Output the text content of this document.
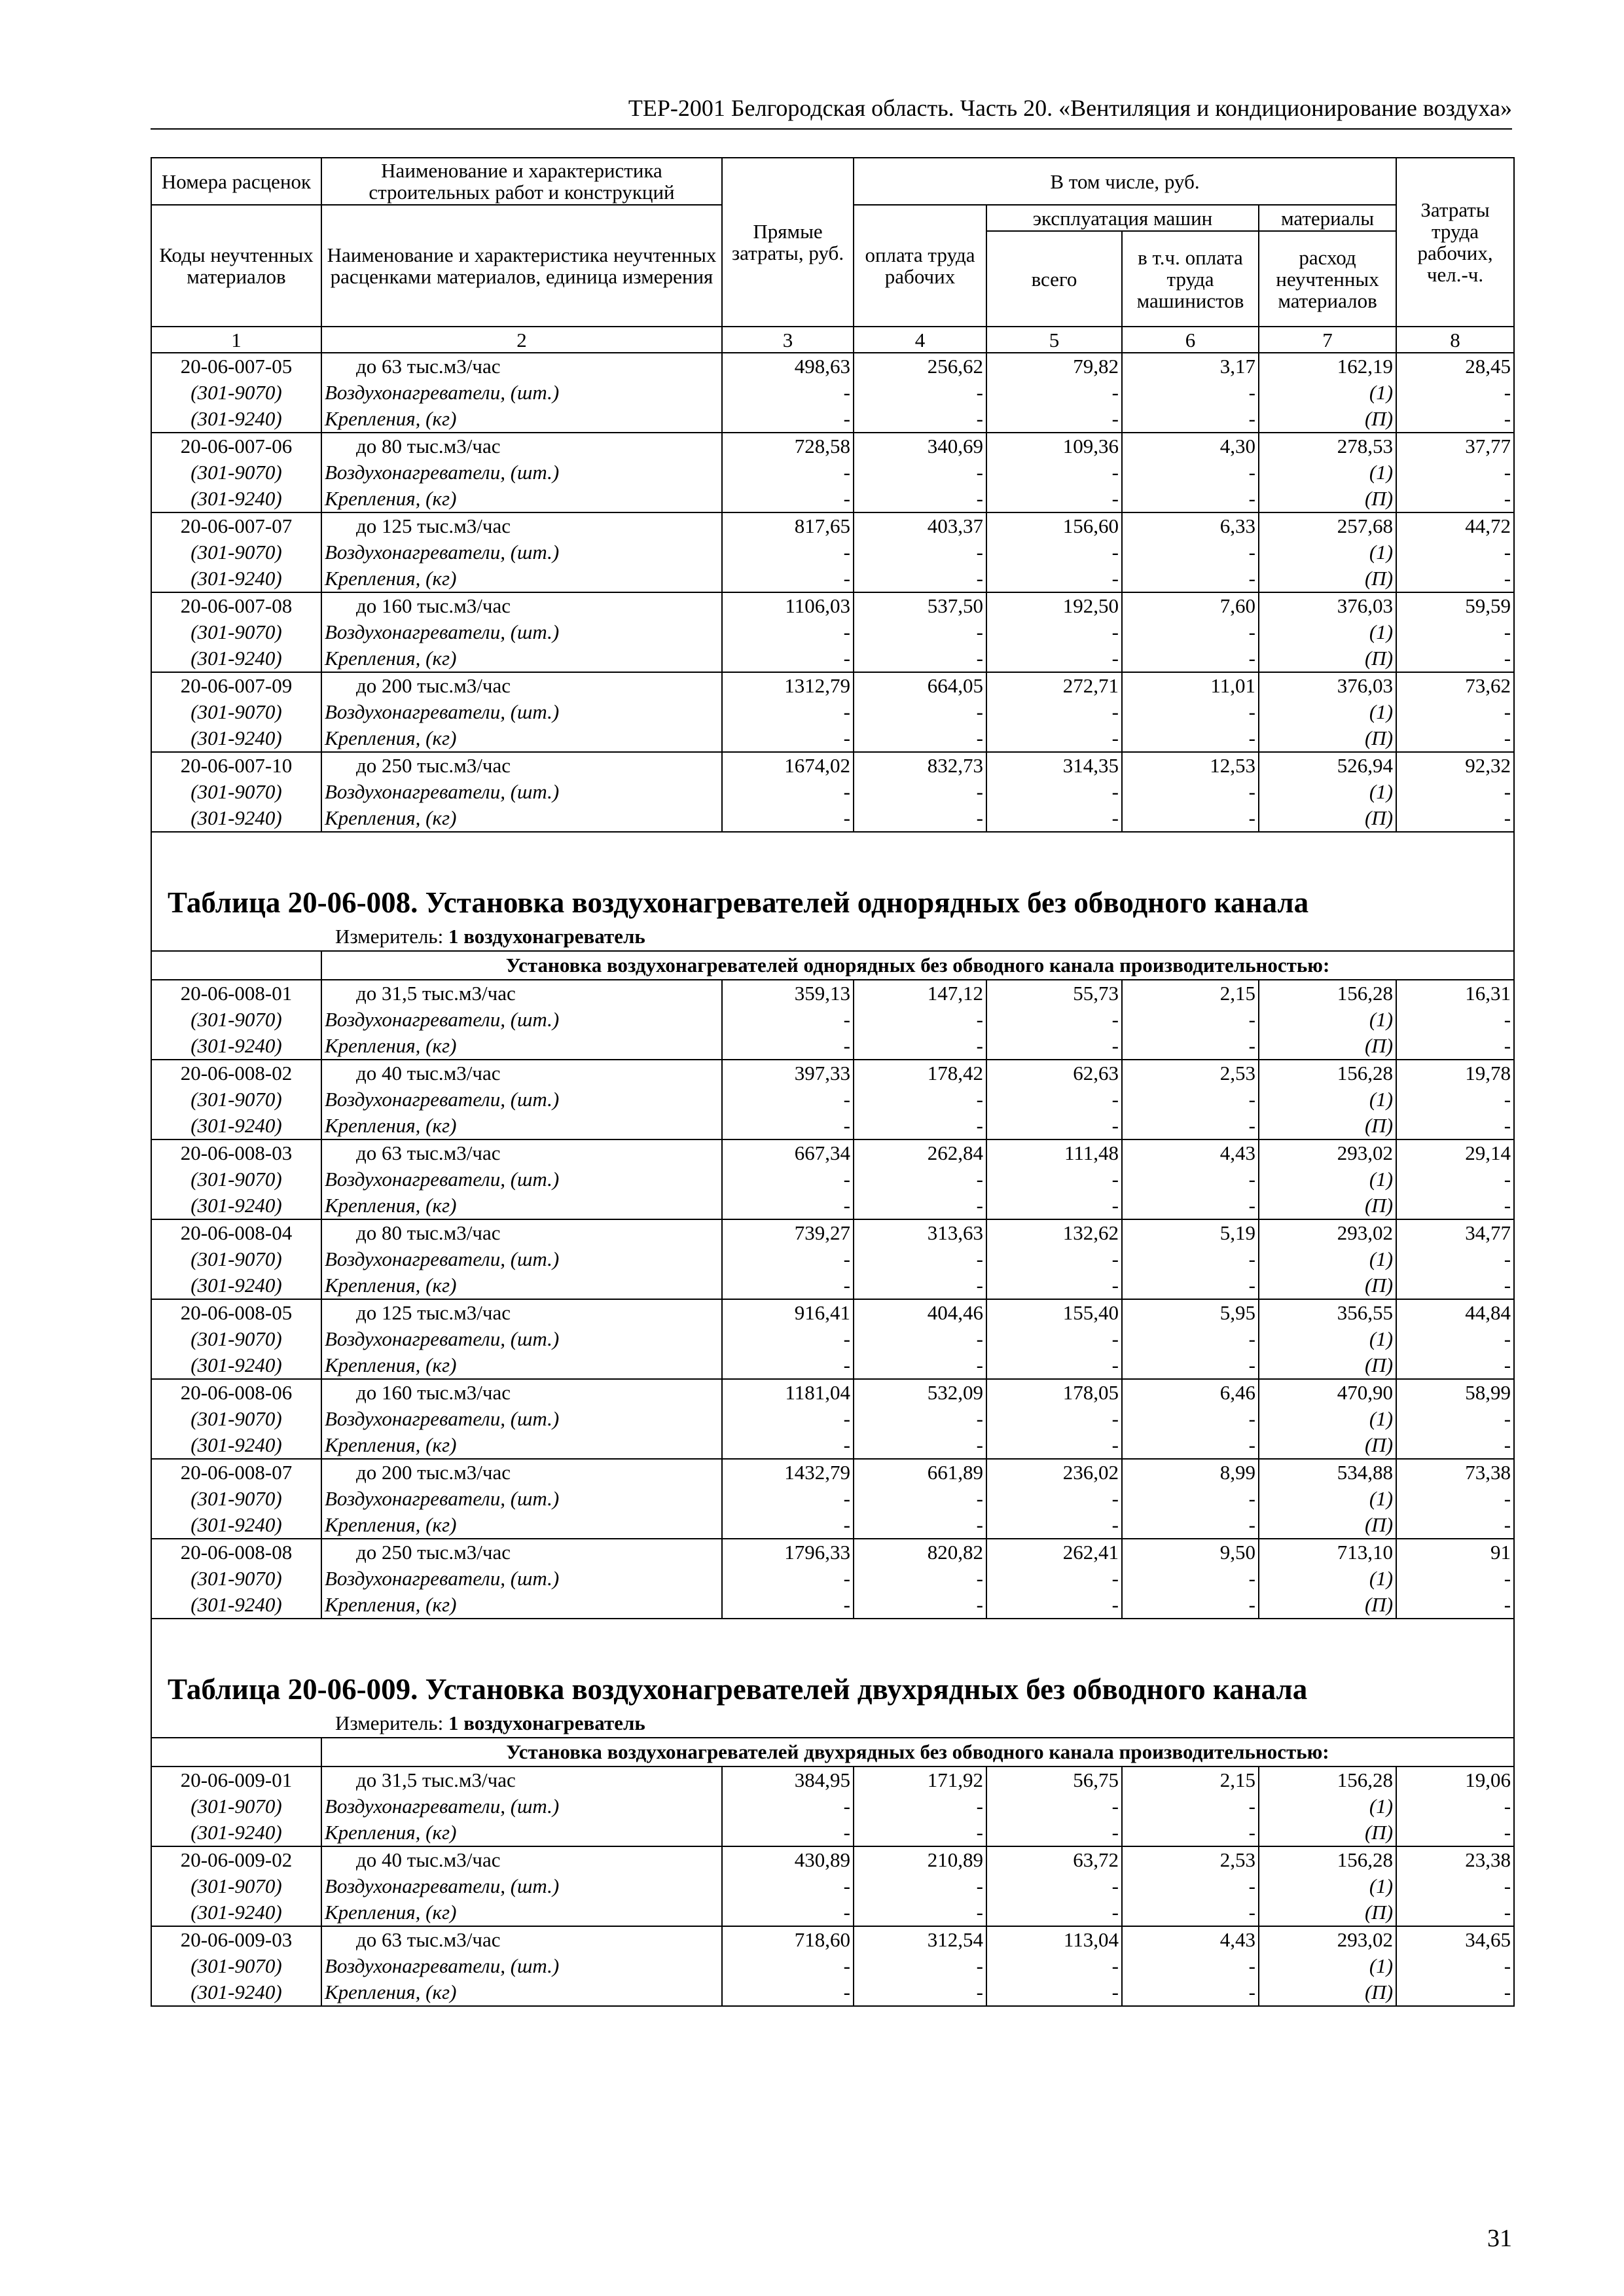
ТЕР-2001 Белгородская область. Часть 20. «Вентиляция и кондиционирование воздуха»
Номера расценок	Наименование и характеристика строительных работ и конструкций	Прямые затраты, руб.	В том числе, руб.				Затраты труда рабочих, чел.-ч.
Коды неучтенных материалов	Наименование и характеристика неучтенных расценками материалов, единица измерения		оплата труда рабочих	эксплуатация машин		материалы	
				всего	в т.ч. оплата труда машинистов	расход неучтенных материалов	
1	2	3	4	5	6	7	8
20-06-007-05	до 63 тыс.м3/час	498,63	256,62	79,82	3,17	162,19	28,45
(301-9070)	Воздухонагреватели, (шт.)	-	-	-	-	(1)	-
(301-9240)	Крепления, (кг)	-	-	-	-	(П)	-
20-06-007-06	до 80 тыс.м3/час	728,58	340,69	109,36	4,30	278,53	37,77
(301-9070)	Воздухонагреватели, (шт.)	-	-	-	-	(1)	-
(301-9240)	Крепления, (кг)	-	-	-	-	(П)	-
20-06-007-07	до 125 тыс.м3/час	817,65	403,37	156,60	6,33	257,68	44,72
(301-9070)	Воздухонагреватели, (шт.)	-	-	-	-	(1)	-
(301-9240)	Крепления, (кг)	-	-	-	-	(П)	-
20-06-007-08	до 160 тыс.м3/час	1106,03	537,50	192,50	7,60	376,03	59,59
(301-9070)	Воздухонагреватели, (шт.)	-	-	-	-	(1)	-
(301-9240)	Крепления, (кг)	-	-	-	-	(П)	-
20-06-007-09	до 200 тыс.м3/час	1312,79	664,05	272,71	11,01	376,03	73,62
(301-9070)	Воздухонагреватели, (шт.)	-	-	-	-	(1)	-
(301-9240)	Крепления, (кг)	-	-	-	-	(П)	-
20-06-007-10	до 250 тыс.м3/час	1674,02	832,73	314,35	12,53	526,94	92,32
(301-9070)	Воздухонагреватели, (шт.)	-	-	-	-	(1)	-
(301-9240)	Крепления, (кг)	-	-	-	-	(П)	-

Таблица 20-06-008. Установка воздухонагревателей однорядных без обводного канала							
Измеритель: 1 воздухонагреватель							
	Установка воздухонагревателей однорядных без обводного канала производительностью:						
20-06-008-01	до 31,5 тыс.м3/час	359,13	147,12	55,73	2,15	156,28	16,31
(301-9070)	Воздухонагреватели, (шт.)	-	-	-	-	(1)	-
(301-9240)	Крепления, (кг)	-	-	-	-	(П)	-
20-06-008-02	до 40 тыс.м3/час	397,33	178,42	62,63	2,53	156,28	19,78
(301-9070)	Воздухонагреватели, (шт.)	-	-	-	-	(1)	-
(301-9240)	Крепления, (кг)	-	-	-	-	(П)	-
20-06-008-03	до 63 тыс.м3/час	667,34	262,84	111,48	4,43	293,02	29,14
(301-9070)	Воздухонагреватели, (шт.)	-	-	-	-	(1)	-
(301-9240)	Крепления, (кг)	-	-	-	-	(П)	-
20-06-008-04	до 80 тыс.м3/час	739,27	313,63	132,62	5,19	293,02	34,77
(301-9070)	Воздухонагреватели, (шт.)	-	-	-	-	(1)	-
(301-9240)	Крепления, (кг)	-	-	-	-	(П)	-
20-06-008-05	до 125 тыс.м3/час	916,41	404,46	155,40	5,95	356,55	44,84
(301-9070)	Воздухонагреватели, (шт.)	-	-	-	-	(1)	-
(301-9240)	Крепления, (кг)	-	-	-	-	(П)	-
20-06-008-06	до 160 тыс.м3/час	1181,04	532,09	178,05	6,46	470,90	58,99
(301-9070)	Воздухонагреватели, (шт.)	-	-	-	-	(1)	-
(301-9240)	Крепления, (кг)	-	-	-	-	(П)	-
20-06-008-07	до 200 тыс.м3/час	1432,79	661,89	236,02	8,99	534,88	73,38
(301-9070)	Воздухонагреватели, (шт.)	-	-	-	-	(1)	-
(301-9240)	Крепления, (кг)	-	-	-	-	(П)	-
20-06-008-08	до 250 тыс.м3/час	1796,33	820,82	262,41	9,50	713,10	91
(301-9070)	Воздухонагреватели, (шт.)	-	-	-	-	(1)	-
(301-9240)	Крепления, (кг)	-	-	-	-	(П)	-

Таблица 20-06-009. Установка воздухонагревателей двухрядных без обводного канала							
Измеритель: 1 воздухонагреватель							
	Установка воздухонагревателей двухрядных без обводного канала производительностью:						
20-06-009-01	до 31,5 тыс.м3/час	384,95	171,92	56,75	2,15	156,28	19,06
(301-9070)	Воздухонагреватели, (шт.)	-	-	-	-	(1)	-
(301-9240)	Крепления, (кг)	-	-	-	-	(П)	-
20-06-009-02	до 40 тыс.м3/час	430,89	210,89	63,72	2,53	156,28	23,38
(301-9070)	Воздухонагреватели, (шт.)	-	-	-	-	(1)	-
(301-9240)	Крепления, (кг)	-	-	-	-	(П)	-
20-06-009-03	до 63 тыс.м3/час	718,60	312,54	113,04	4,43	293,02	34,65
(301-9070)	Воздухонагреватели, (шт.)	-	-	-	-	(1)	-
(301-9240)	Крепления, (кг)	-	-	-	-	(П)	-
31
